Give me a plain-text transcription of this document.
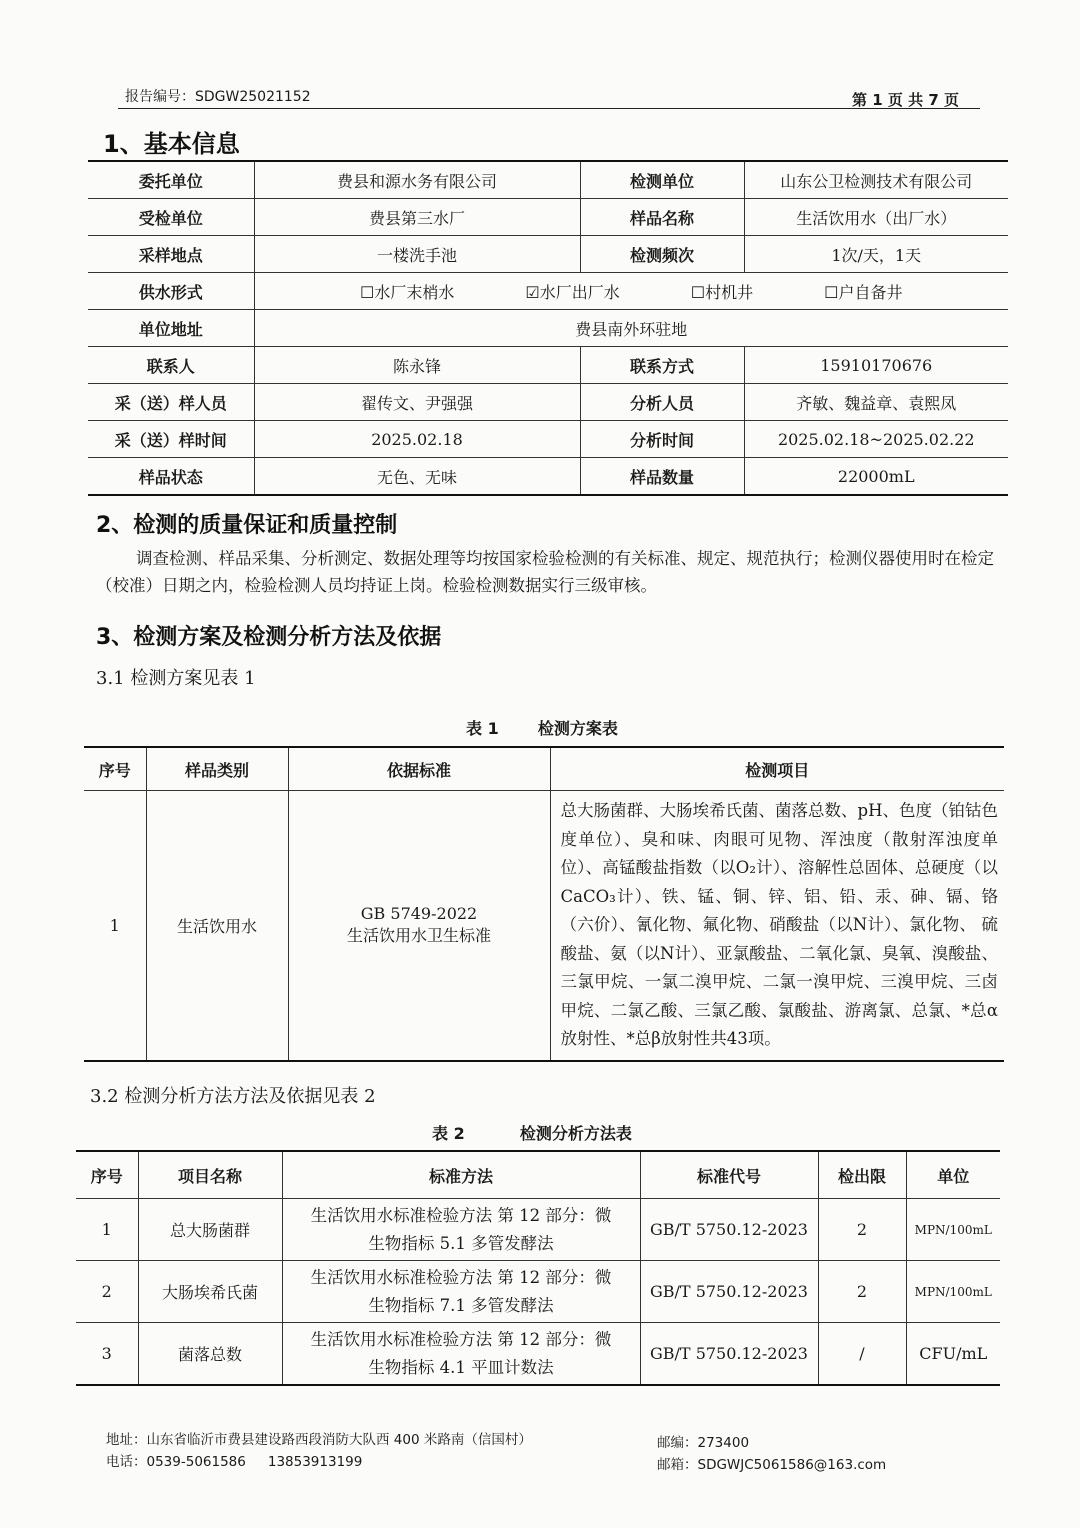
报告编号：SDGW25021152	第 1 页 共 7 页
1、基本信息
委托单位	费县和源水务有限公司	检测单位	山东公卫检测技术有限公司
受检单位	费县第三水厂	样品名称	生活饮用水（出厂水）
采样地点	一楼洗手池	检测频次	1次/天，1天
供水形式	☐水厂末梢水 ☑水厂出厂水 ☐村机井 ☐户自备井		

单位地址	费县南外环驻地		
联系人	陈永锋	联系方式	15910170676
采（送）样人员	翟传文、尹强强	分析人员	齐敏、魏益章、袁熙凤
采（送）样时间	2025.02.18	分析时间	2025.02.18~2025.02.22
样品状态	无色、无味	样品数量	22000mL
2、检测的质量保证和质量控制
调查检测、样品采集、分析测定、数据处理等均按国家检验检测的有关标准、规定、规范执行；检测仪器使用时在检定（校准）日期之内，检验检测人员均持证上岗。检验检测数据实行三级审核。
3、检测方案及检测分析方法及依据
3.1 检测方案见表 1
表 1 检测方案表
序号	样品类别	依据标准	检测项目
1	生活饮用水	GB 5749-2022
生活饮用水卫生标准	总大肠菌群、大肠埃希氏菌、菌落总数、pH、色度（铂钴色度单位）、臭和味、肉眼可见物、浑浊度（散射浑浊度单位）、高锰酸盐指数（以O₂计）、溶解性总固体、总硬度（以CaCO₃计）、铁、锰、铜、锌、铝、铅、汞、砷、镉、铬（六价）、氰化物、氟化物、硝酸盐（以N计）、氯化物、 硫酸盐、氨（以N计）、亚氯酸盐、二氧化氯、臭氧、溴酸盐、三氯甲烷、一氯二溴甲烷、二氯一溴甲烷、三溴甲烷、三卤甲烷、二氯乙酸、三氯乙酸、氯酸盐、游离氯、总氯、*总α放射性、*总β放射性共43项。
3.2 检测分析方法方法及依据见表 2
表 2	检测分析方法表
序号	项目名称	标准方法	标准代号	检出限	单位
1	总大肠菌群	生活饮用水标准检验方法 第 12 部分：微
生物指标 5.1 多管发酵法	GB/T 5750.12-2023	2	MPN/100mL
2	大肠埃希氏菌	生活饮用水标准检验方法 第 12 部分：微
生物指标 7.1 多管发酵法	GB/T 5750.12-2023	2	MPN/100mL
3	菌落总数	生活饮用水标准检验方法 第 12 部分：微
生物指标 4.1 平皿计数法	GB/T 5750.12-2023	/	CFU/mL
地址：山东省临沂市费县建设路西段消防大队西 400 米路南（信国村）
电话：0539-5061586 13853913199
邮编：273400
邮箱：SDGWJC5061586@163.com
